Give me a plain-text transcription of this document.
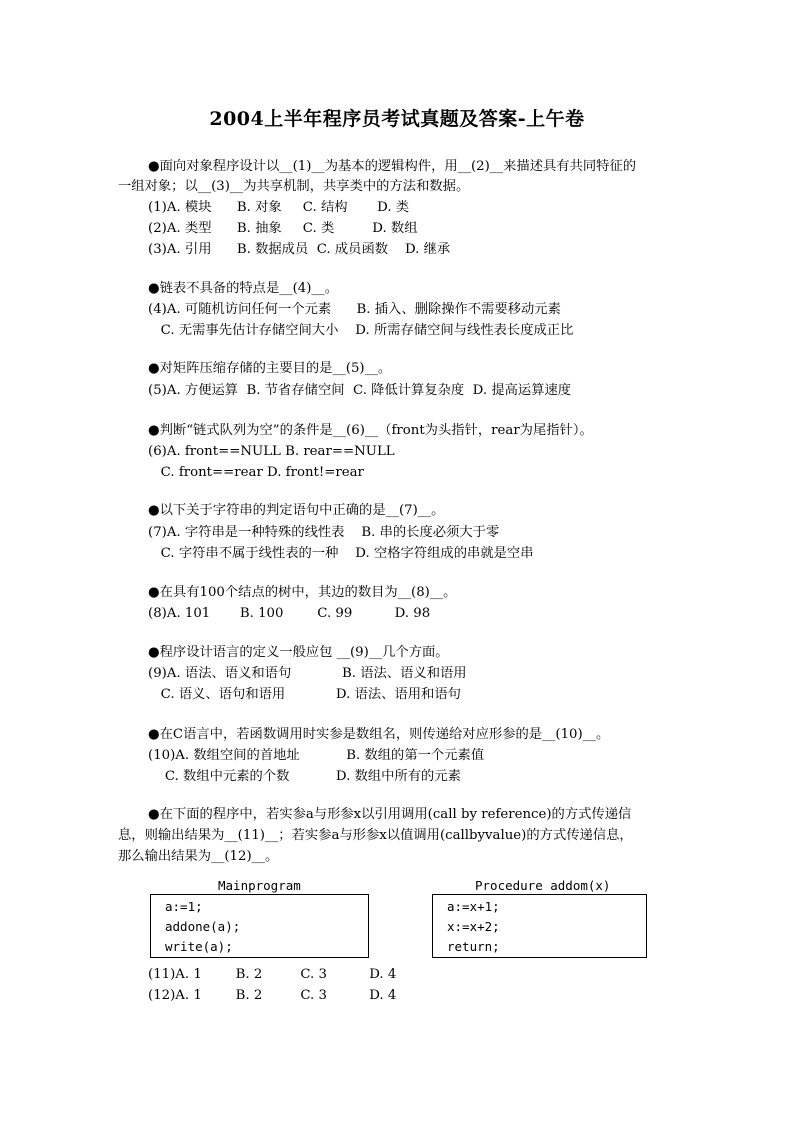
2004上半年程序员考试真题及答案-上午卷
●面向对象程序设计以__(1)__为基本的逻辑构件，用__(2)__来描述具有共同特征的
一组对象；以__(3)__为共享机制，共享类中的方法和数据。
(1)A. 模块      B. 对象     C. 结构       D. 类
(2)A. 类型      B. 抽象     C. 类         D. 数组
(3)A. 引用      B. 数据成员  C. 成员函数    D. 继承
●链表不具备的特点是__(4)__。
(4)A. 可随机访问任何一个元素      B. 插入、删除操作不需要移动元素
C. 无需事先估计存储空间大小    D. 所需存储空间与线性表长度成正比
●对矩阵压缩存储的主要目的是__(5)__。
(5)A. 方便运算  B. 节省存储空间  C. 降低计算复杂度  D. 提高运算速度
●判断“链式队列为空”的条件是__(6)__（front为头指针，rear为尾指针）。
(6)A. front==NULL B. rear==NULL
C. front==rear D. front!=rear
●以下关于字符串的判定语句中正确的是__(7)__。
(7)A. 字符串是一种特殊的线性表    B. 串的长度必须大于零
C. 字符串不属于线性表的一种    D. 空格字符组成的串就是空串
●在具有100个结点的树中，其边的数目为__(8)__。
(8)A. 101       B. 100        C. 99          D. 98
●程序设计语言的定义一般应包 __(9)__几个方面。
(9)A. 语法、语义和语句            B. 语法、语义和语用
C. 语义、语句和语用            D. 语法、语用和语句
●在C语言中，若函数调用时实参是数组名，则传递给对应形参的是__(10)__。
(10)A. 数组空间的首地址           B. 数组的第一个元素值
C. 数组中元素的个数           D. 数组中所有的元素
●在下面的程序中，若实参a与形参x以引用调用(call by reference)的方式传递信
息，则输出结果为__(11)__；若实参a与形参x以值调用(callbyvalue)的方式传递信息，
那么输出结果为__(12)__。
Mainprogram
a:=1;
addone(a);
write(a);
Procedure addom(x)
a:=x+1;
x:=x+2;
return;
(11)A. 1        B. 2         C. 3          D. 4
(12)A. 1        B. 2         C. 3          D. 4
